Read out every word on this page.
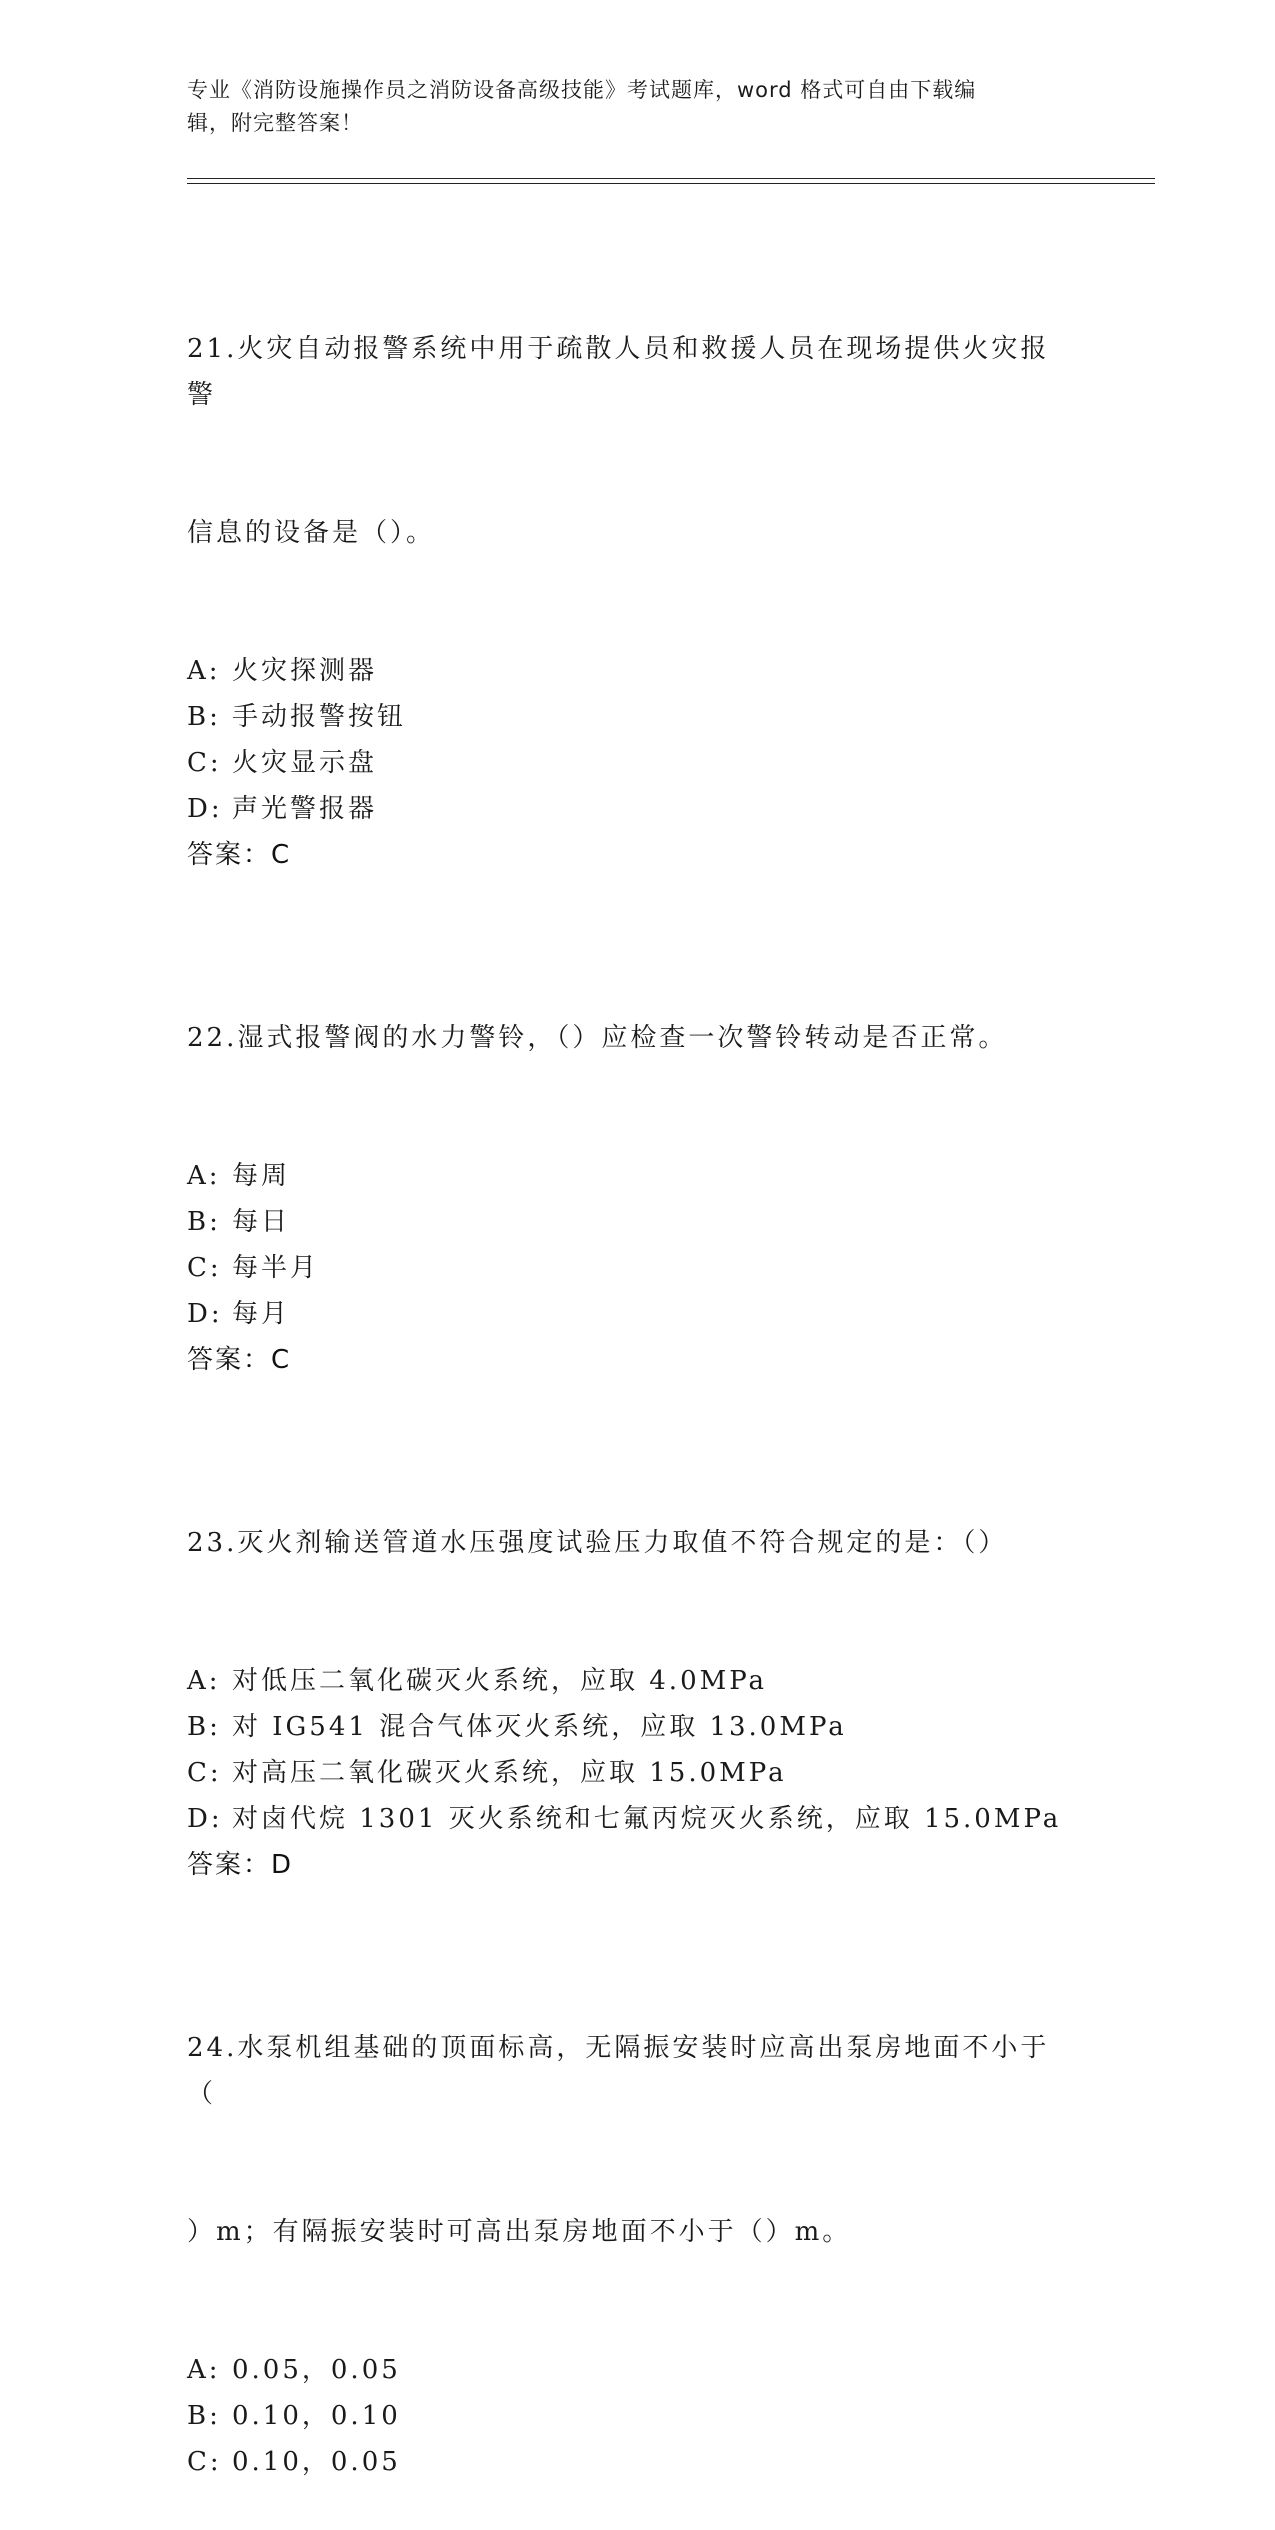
专业《消防设施操作员之消防设备高级技能》考试题库，word 格式可自由下载编
辑，附完整答案！

21.火灾自动报警系统中用于疏散人员和救援人员在现场提供火灾报警

信息的设备是（）。

A: 火灾探测器
B: 手动报警按钮
C: 火灾显示盘
D: 声光警报器
答案：C

22.湿式报警阀的水力警铃，（）应检查一次警铃转动是否正常。

A: 每周
B: 每日
C: 每半月
D: 每月
答案：C

23.灭火剂输送管道水压强度试验压力取值不符合规定的是：（）

A: 对低压二氧化碳灭火系统，应取 4.0MPa
B: 对 IG541 混合气体灭火系统，应取 13.0MPa
C: 对高压二氧化碳灭火系统，应取 15.0MPa
D: 对卤代烷 1301 灭火系统和七氟丙烷灭火系统，应取 15.0MPa
答案：D

24.水泵机组基础的顶面标高，无隔振安装时应高出泵房地面不小于（

）m；有隔振安装时可高出泵房地面不小于（）m。

A: 0.05，0.05
B: 0.10，0.10
C: 0.10，0.05
